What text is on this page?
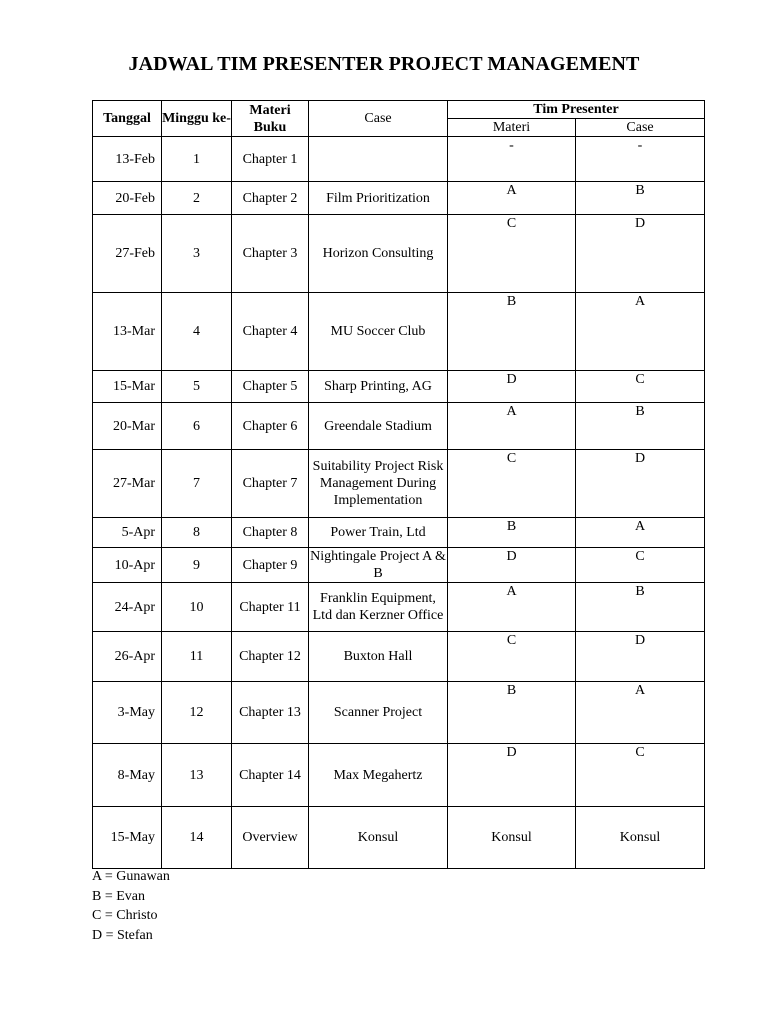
JADWAL TIM PRESENTER PROJECT MANAGEMENT
Tanggal	Minggu ke-	Materi Buku	Case	Tim Presenter	
				Materi	Case
13-Feb	1	Chapter 1		-	-
20-Feb	2	Chapter 2	Film Prioritization	A	B
27-Feb	3	Chapter 3	Horizon Consulting	C	D
13-Mar	4	Chapter 4	MU Soccer Club	B	A
15-Mar	5	Chapter 5	Sharp Printing, AG	D	C
20-Mar	6	Chapter 6	Greendale Stadium	A	B
27-Mar	7	Chapter 7	Suitability Project Risk Management During Implementation	C	D
5-Apr	8	Chapter 8	Power Train, Ltd	B	A
10-Apr	9	Chapter 9	Nightingale Project A & B	D	C
24-Apr	10	Chapter 11	Franklin Equipment, Ltd dan Kerzner Office	A	B
26-Apr	11	Chapter 12	Buxton Hall	C	D
3-May	12	Chapter 13	Scanner Project	B	A
8-May	13	Chapter 14	Max Megahertz	D	C
15-May	14	Overview	Konsul	Konsul	Konsul
A = Gunawan
B = Evan
C = Christo
D = Stefan
